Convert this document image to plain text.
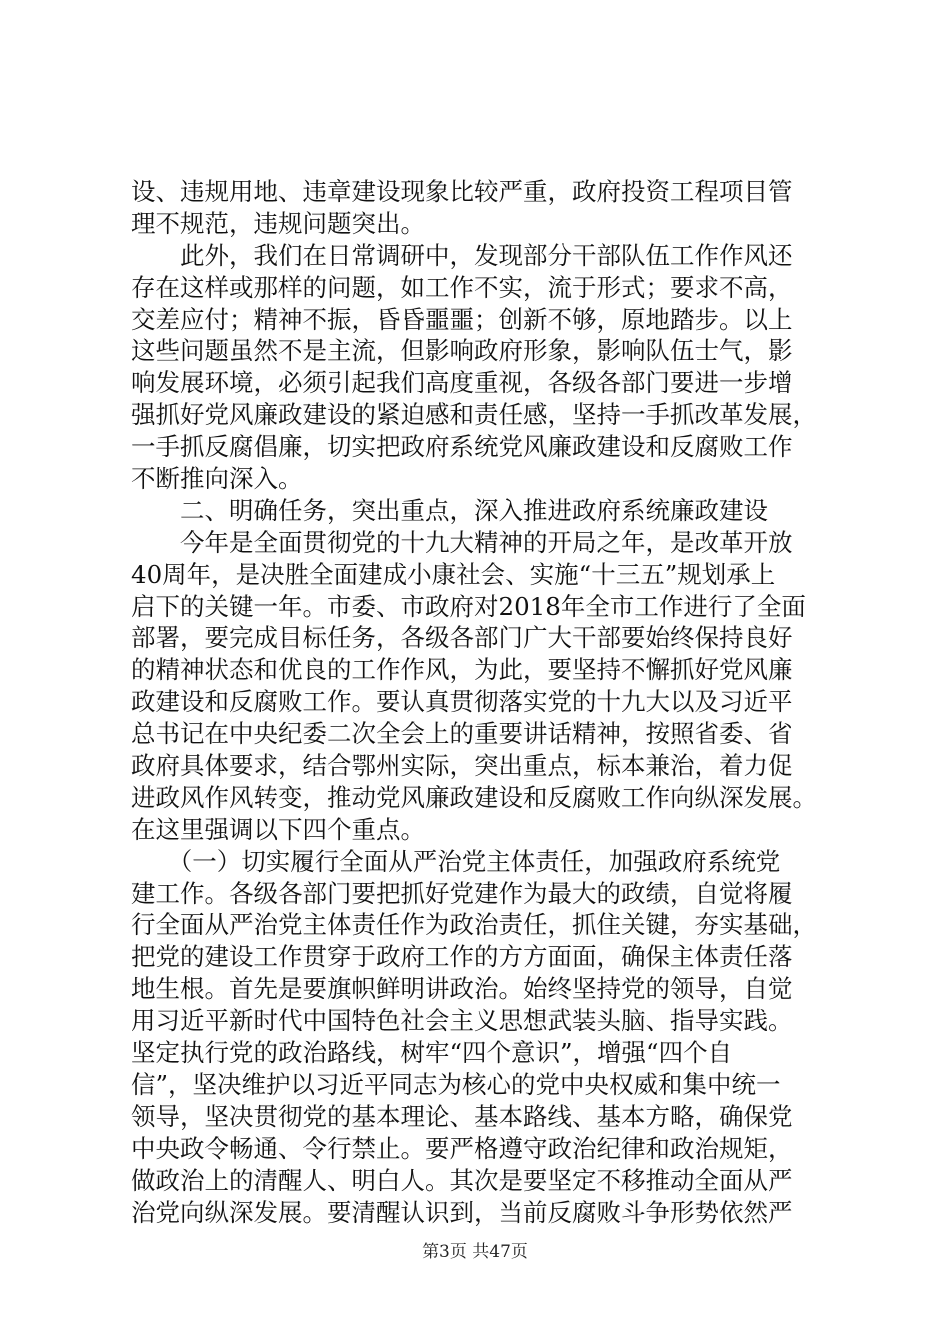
设、违规用地、违章建设现象比较严重，政府投资工程项目管
理不规范，违规问题突出。
　　此外，我们在日常调研中，发现部分干部队伍工作作风还
存在这样或那样的问题，如工作不实，流于形式；要求不高，
交差应付；精神不振，昏昏噩噩；创新不够，原地踏步。以上
这些问题虽然不是主流，但影响政府形象，影响队伍士气，影
响发展环境，必须引起我们高度重视，各级各部门要进一步增
强抓好党风廉政建设的紧迫感和责任感，坚持一手抓改革发展，
一手抓反腐倡廉，切实把政府系统党风廉政建设和反腐败工作
不断推向深入。
　　二、明确任务，突出重点，深入推进政府系统廉政建设
　　今年是全面贯彻党的十九大精神的开局之年，是改革开放
40周年，是决胜全面建成小康社会、实施“十三五”规划承上
启下的关键一年。市委、市政府对2018年全市工作进行了全面
部署，要完成目标任务，各级各部门广大干部要始终保持良好
的精神状态和优良的工作作风，为此，要坚持不懈抓好党风廉
政建设和反腐败工作。要认真贯彻落实党的十九大以及习近平
总书记在中央纪委二次全会上的重要讲话精神，按照省委、省
政府具体要求，结合鄂州实际，突出重点，标本兼治，着力促
进政风作风转变，推动党风廉政建设和反腐败工作向纵深发展。
在这里强调以下四个重点。
　　（一）切实履行全面从严治党主体责任，加强政府系统党
建工作。各级各部门要把抓好党建作为最大的政绩，自觉将履
行全面从严治党主体责任作为政治责任，抓住关键，夯实基础，
把党的建设工作贯穿于政府工作的方方面面，确保主体责任落
地生根。首先是要旗帜鲜明讲政治。始终坚持党的领导，自觉
用习近平新时代中国特色社会主义思想武装头脑、指导实践。
坚定执行党的政治路线，树牢“四个意识”，增强“四个自
信”，坚决维护以习近平同志为核心的党中央权威和集中统一
领导，坚决贯彻党的基本理论、基本路线、基本方略，确保党
中央政令畅通、令行禁止。要严格遵守政治纪律和政治规矩，
做政治上的清醒人、明白人。其次是要坚定不移推动全面从严
治党向纵深发展。要清醒认识到，当前反腐败斗争形势依然严
第3页 共47页
